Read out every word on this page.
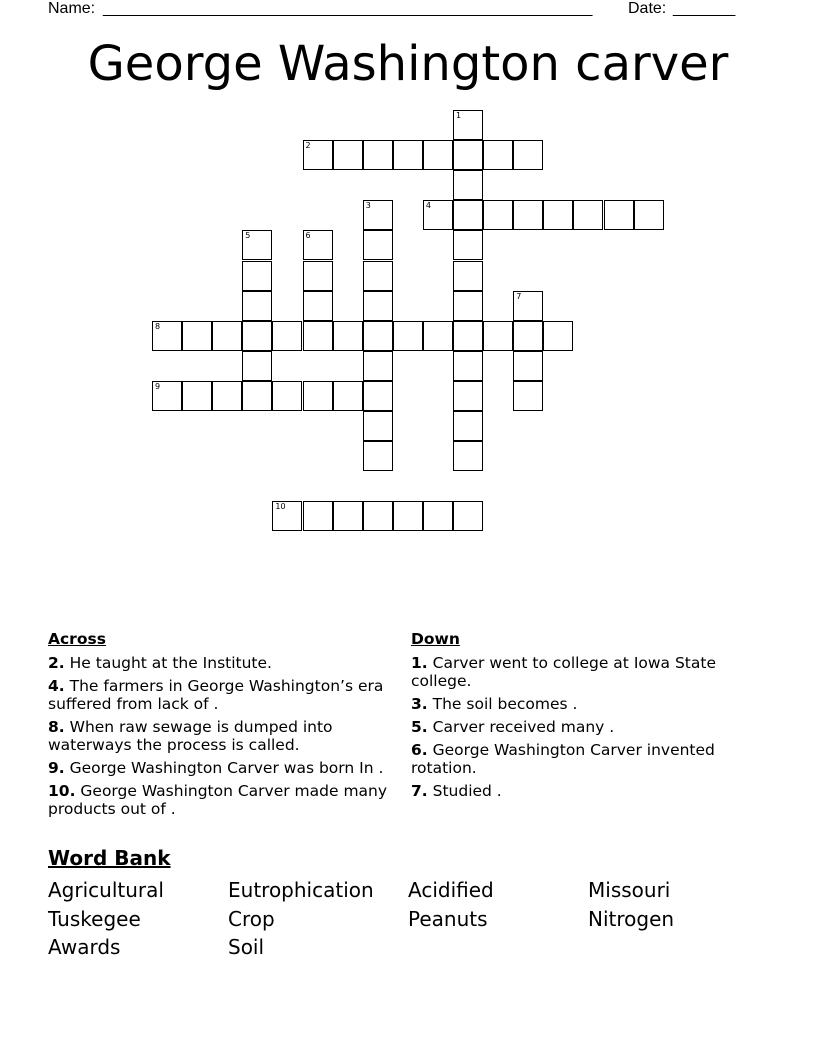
Name: _______________________________________________________ Date: _______
George Washington carver
1
2
3	4
5	6
7
8
9
10
Across
2. He taught at the Institute.
4. The farmers in George Washington’s era suffered from lack of .
8. When raw sewage is dumped into waterways the process is called.
9. George Washington Carver was born In .
10. George Washington Carver made many products out of .
Down
1. Carver went to college at Iowa State college.
3. The soil becomes .
5. Carver received many .
6. George Washington Carver invented rotation.
7. Studied .
Word Bank
Agricultural	Eutrophication	Acidified	Missouri
Tuskegee	Crop	Peanuts	Nitrogen
Awards	Soil
